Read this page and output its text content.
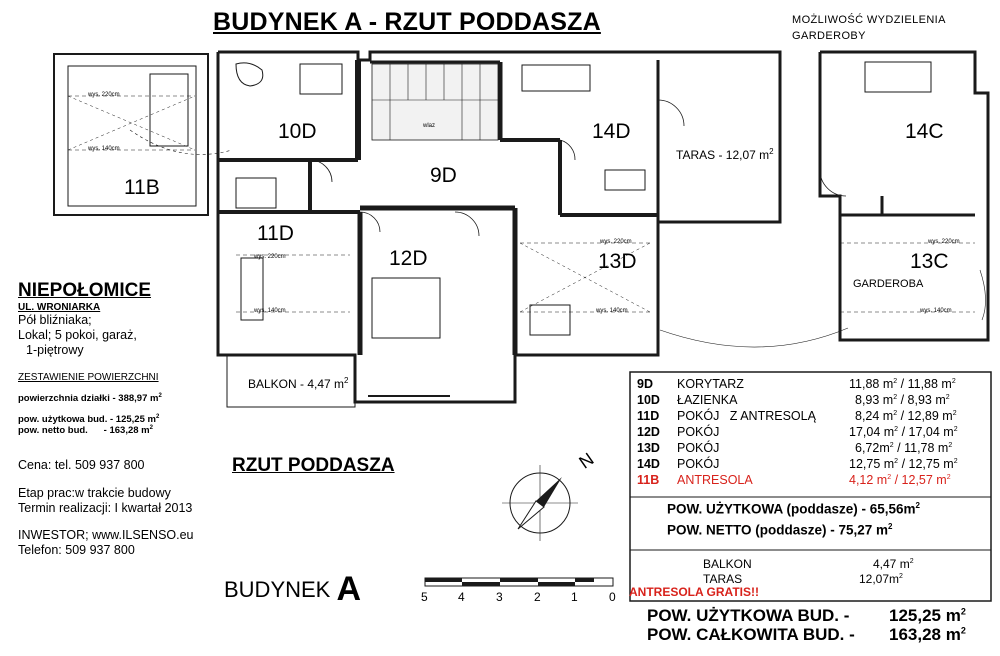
BUDYNEK A - RZUT PODDASZA	MOŻLIWOŚĆ WYDZIELENIA
GARDEROBY
11B
10D
9D
14D
11D
12D	13D
14C
13C
TARAS - 12,07 $m^2$
BALKON - 4,47 $m^2$
GARDEROBA
wlaz
wys. 220cm
wys. 140cm
wys. 220cm
wys. 140cm
wys. 220cm
wys. 140cm
wys. 220cm
wys. 140cm
N
5	4	3	2	1	0
NIEPOŁOMICE
UL. WRONIARKA
Pół bliźniaka;
Lokal; 5 pokoi, garaż,
1-piętrowy
ZESTAWIENIE POWIERZCHNI
powierzchnia działki - 388,97 $m^2$
pow. użytkowa bud. - 125,25 $m^2$
pow. netto bud.      - 163,28 $m^2$
Cena: tel. 509 937 800
Etap prac:w trakcie budowy
Termin realizacji: I kwartał 2013
INWESTOR; www.ILSENSO.eu
Telefon: 509 937 800
RZUT PODDASZA
BUDYNEK A
9D KORYTARZ	11,88 $m^2 / 11,88$ $m^2$
10D ŁAZIENKA	8,93 $m^2 / 8,93$ $m^2$
11D POKÓJ   Z ANTRESOLĄ	8,24 $m^2 / 12,89$ $m^2$
12D POKÓJ	17,04 $m^2 / 17,04$ $m^2$
13D POKÓJ	$6,72m^2 / 11,78$ $m^2$
14D POKÓJ	12,75 $m^2 / 12,75$ $m^2$
11B ANTRESOLA	4,12 $m^2 / 12,57$ $m^2$
POW. UŻYTKOWA (poddasze) - $65,56m^2$
POW. NETTO (poddasze) - 75,27 $m^2$
BALKON	4,47 $m^2$
TARAS	$12,07m^2$
ANTRESOLA GRATIS!!
POW. UŻYTKOWA BUD. - 125,25 $m^2$
POW. CAŁKOWITA BUD. - 163,28 $m^2$
